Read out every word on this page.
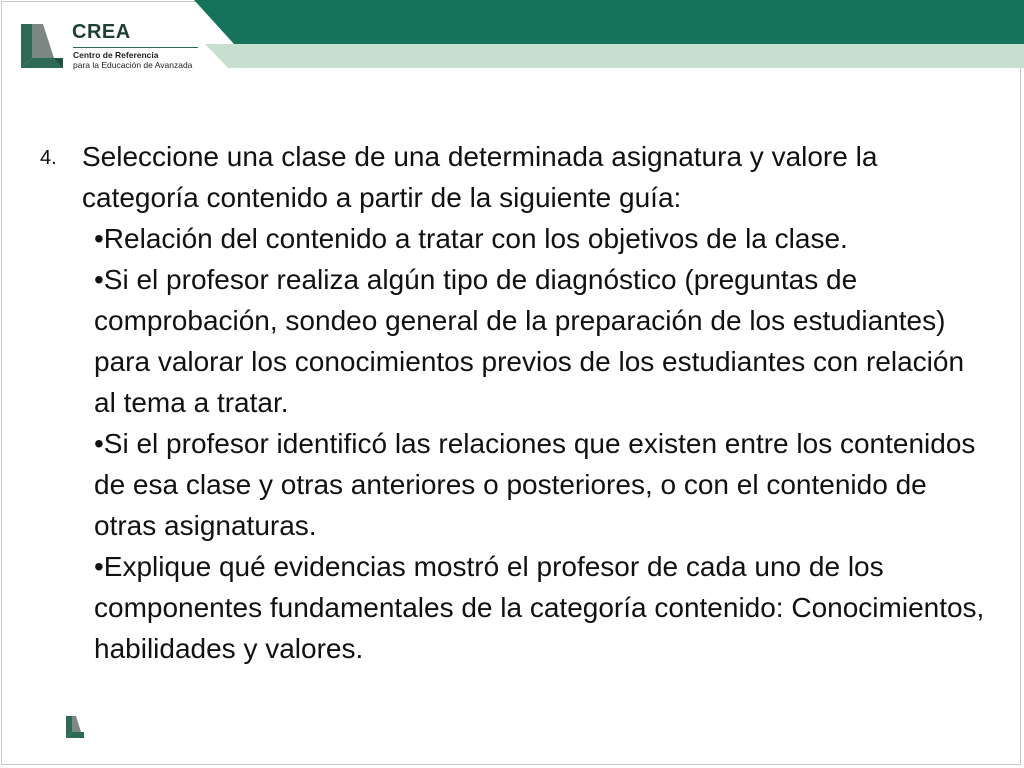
CREA
Centro de Referencia
para la Educación de Avanzada
4. Seleccione una clase de una determinada asignatura y valore la categoría contenido a partir de la siguiente guía:
•Relación del contenido a tratar con los objetivos de la clase.
•Si el profesor realiza algún tipo de diagnóstico (preguntas de comprobación, sondeo general de la preparación de los estudiantes) para valorar los conocimientos previos de los estudiantes con relación al tema a tratar.
•Si el profesor identificó las relaciones que existen entre los contenidos de esa clase y otras anteriores o posteriores, o con el contenido de otras asignaturas.
•Explique qué evidencias mostró el profesor de cada uno de los componentes fundamentales de la categoría contenido: Conocimientos, habilidades y valores.
